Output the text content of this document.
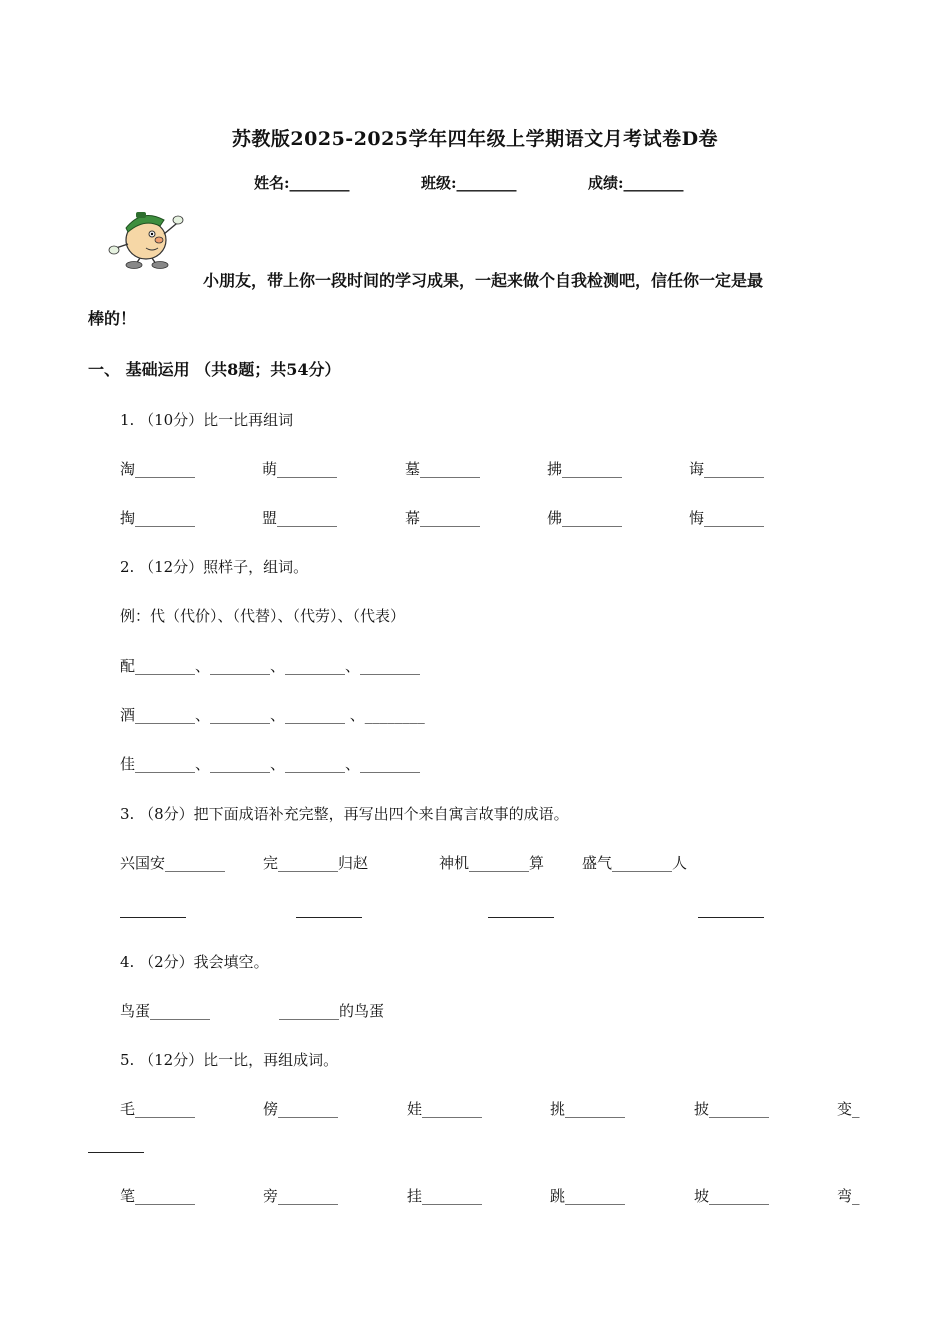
苏教版2025-2025学年四年级上学期语文月考试卷D卷
姓名:________	班级:________	成绩:________
小朋友，带上你一段时间的学习成果，一起来做个自我检测吧，信任你一定是最
棒的！
一、 基础运用 （共8题；共54分）
1. （10分）比一比再组词
淘________	萌________	墓________	拂________	诲________
掏________	盟________	幕________	佛________	悔________
2. （12分）照样子，组词。
例：代（代价）、（代替）、（代劳）、（代表）
配________、________、________、________
酒________、________、________ 、________
佳________、________、________、________
3. （8分）把下面成语补充完整，再写出四个来自寓言故事的成语。
兴国安________	完________归赵	神机________算	盛气________人
4. （2分）我会填空。
鸟蛋________	________的鸟蛋
5. （12分）比一比，再组成词。
毛________	傍________	娃________	挑________	披________	变_
笔________	旁________	挂________	跳________	坡________	弯_
